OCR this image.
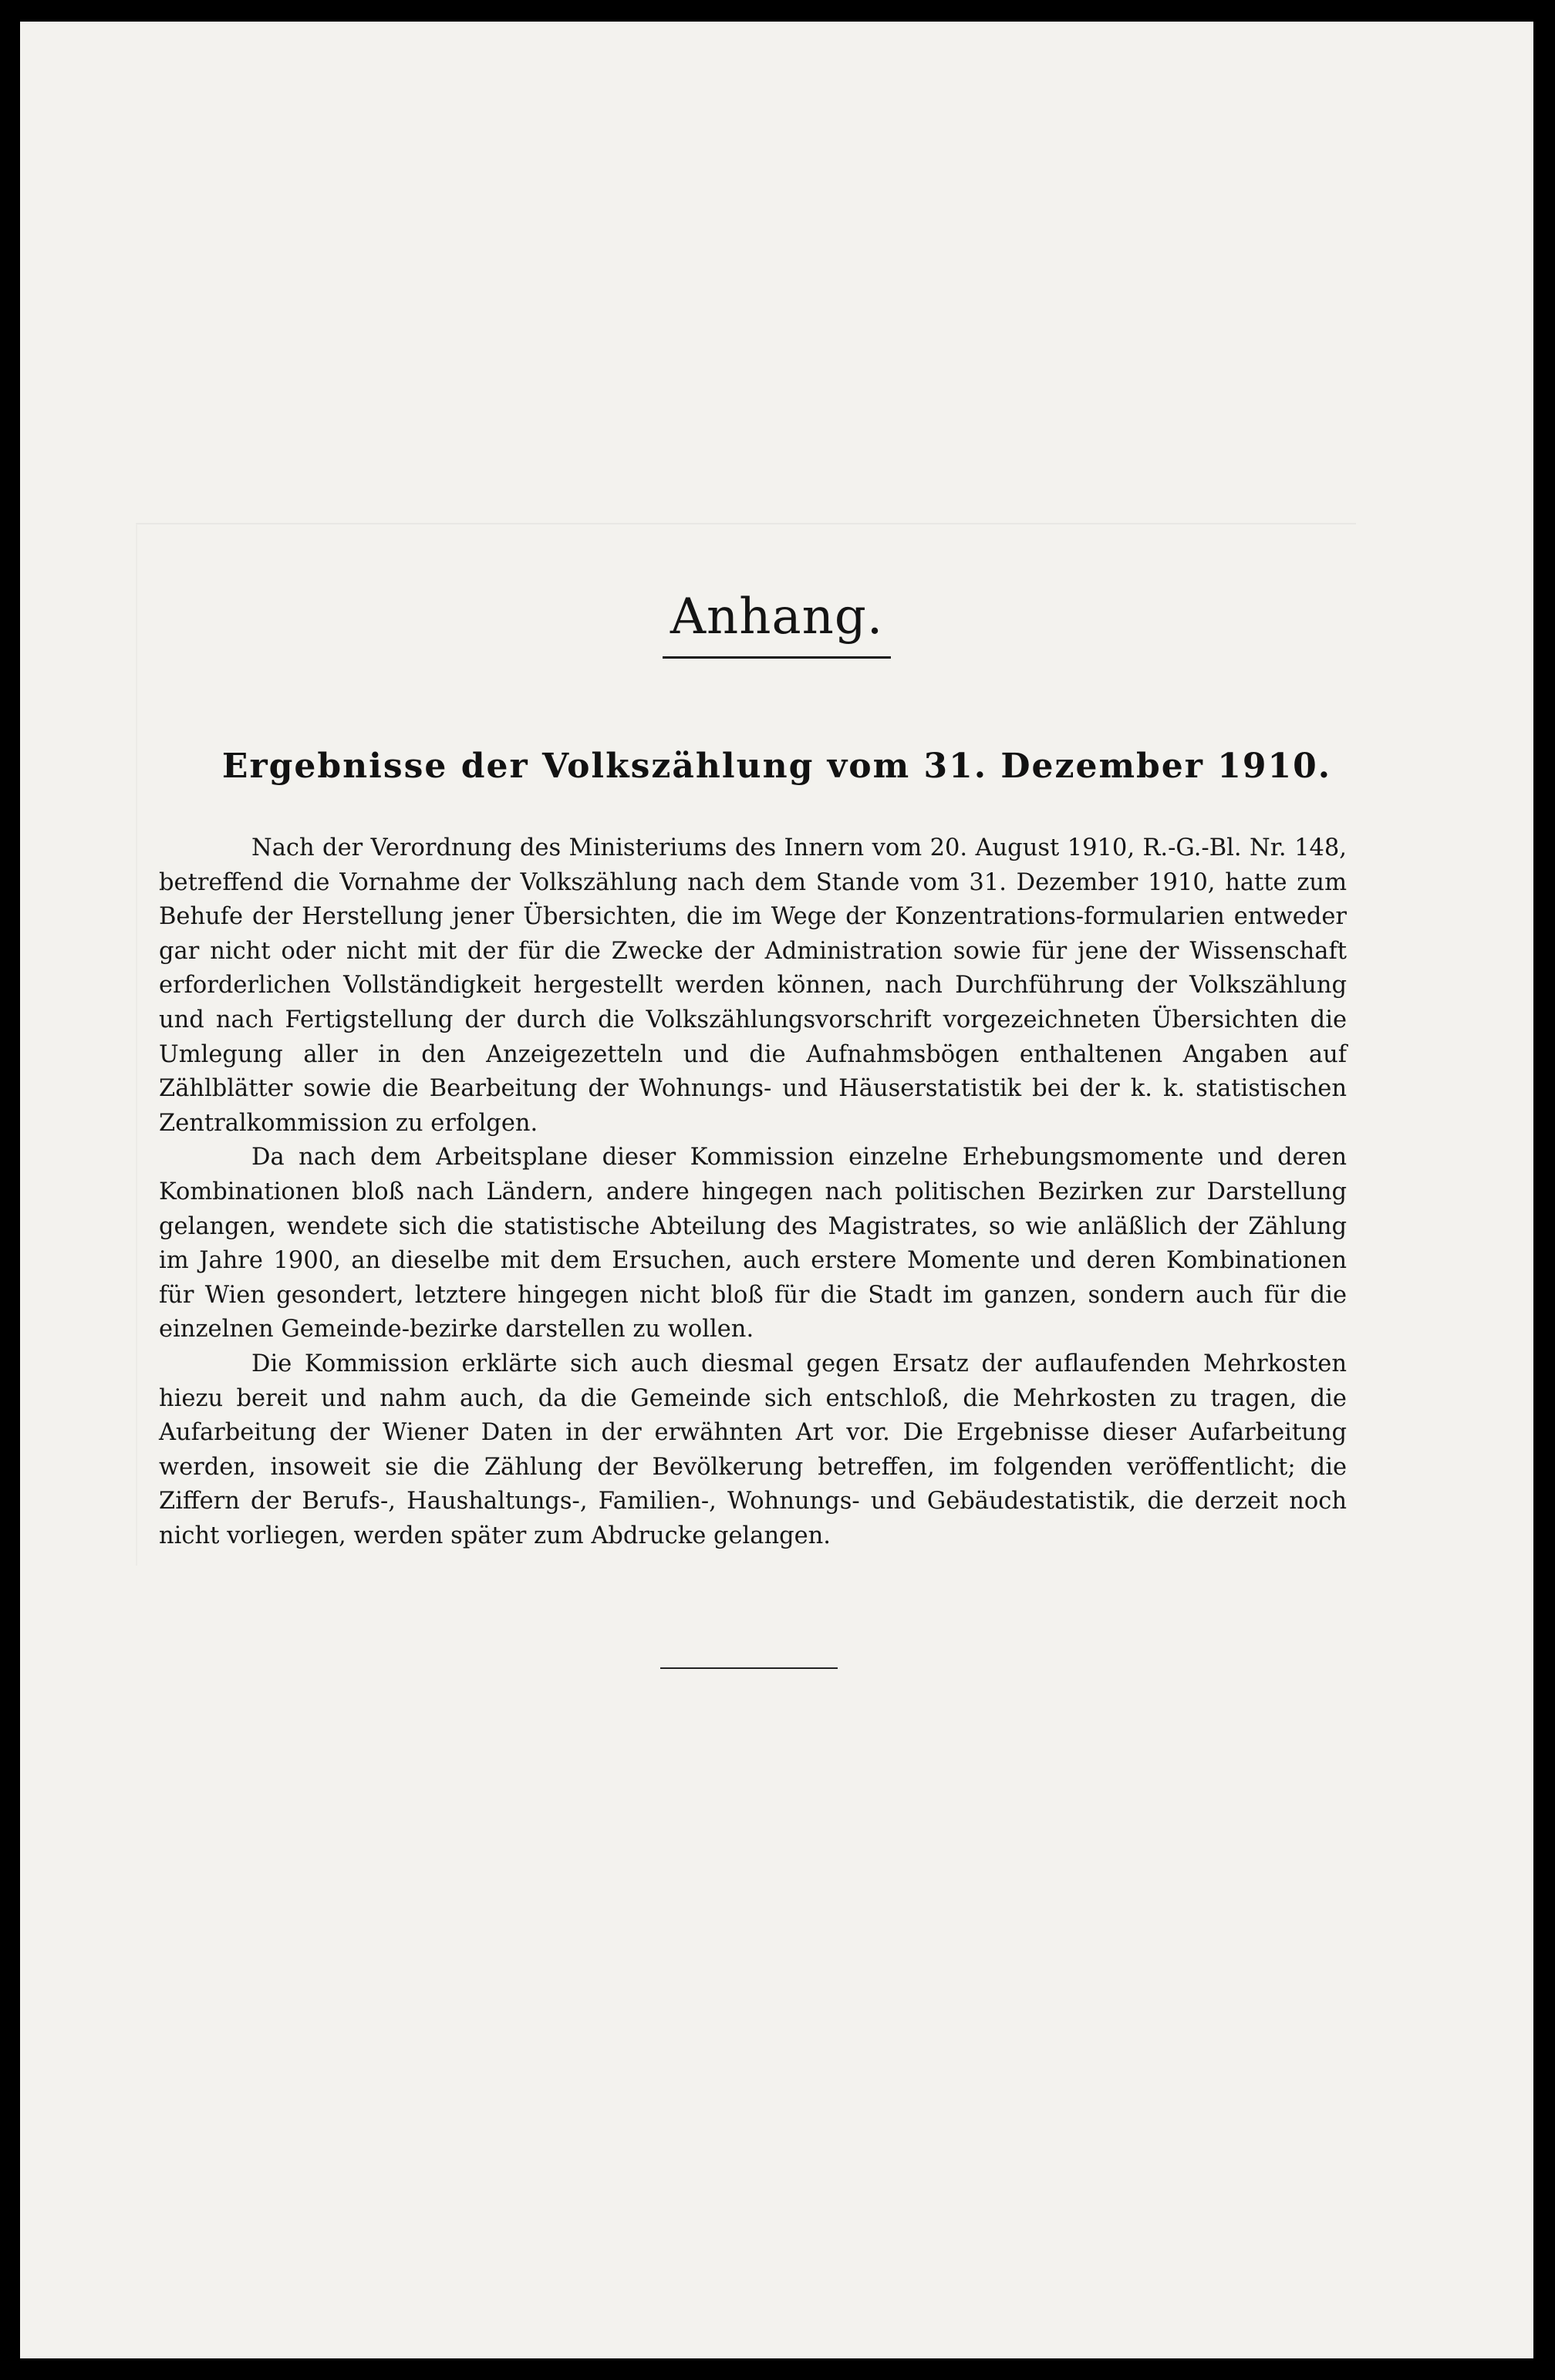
Anhang.
Ergebnisse der Volkszählung vom 31. Dezember 1910.

Nach der Verordnung des Ministeriums des Innern vom 20. August 1910, R.-G.-Bl. Nr. 148, betreffend die Vornahme der Volkszählung nach dem Stande vom 31. Dezember 1910, hatte zum Behufe der Herstellung jener Übersichten, die im Wege der Konzentrations-formularien entweder gar nicht oder nicht mit der für die Zwecke der Administration sowie für jene der Wissenschaft erforderlichen Vollständigkeit hergestellt werden können, nach Durchführung der Volkszählung und nach Fertigstellung der durch die Volkszählungsvorschrift vorgezeichneten Übersichten die Umlegung aller in den Anzeigezetteln und die Aufnahmsbögen enthaltenen Angaben auf Zählblätter sowie die Bearbeitung der Wohnungs- und Häuserstatistik bei der k. k. statistischen Zentralkommission zu erfolgen.

Da nach dem Arbeitsplane dieser Kommission einzelne Erhebungsmomente und deren Kombinationen bloß nach Ländern, andere hingegen nach politischen Bezirken zur Darstellung gelangen, wendete sich die statistische Abteilung des Magistrates, so wie anläßlich der Zählung im Jahre 1900, an dieselbe mit dem Ersuchen, auch erstere Momente und deren Kombinationen für Wien gesondert, letztere hingegen nicht bloß für die Stadt im ganzen, sondern auch für die einzelnen Gemeinde-bezirke darstellen zu wollen.

Die Kommission erklärte sich auch diesmal gegen Ersatz der auflaufenden Mehrkosten hiezu bereit und nahm auch, da die Gemeinde sich entschloß, die Mehrkosten zu tragen, die Aufarbeitung der Wiener Daten in der erwähnten Art vor. Die Ergebnisse dieser Aufarbeitung werden, insoweit sie die Zählung der Bevölkerung betreffen, im folgenden veröffentlicht; die Ziffern der Berufs-, Haushaltungs-, Familien-, Wohnungs- und Gebäudestatistik, die derzeit noch nicht vorliegen, werden später zum Abdrucke gelangen.
